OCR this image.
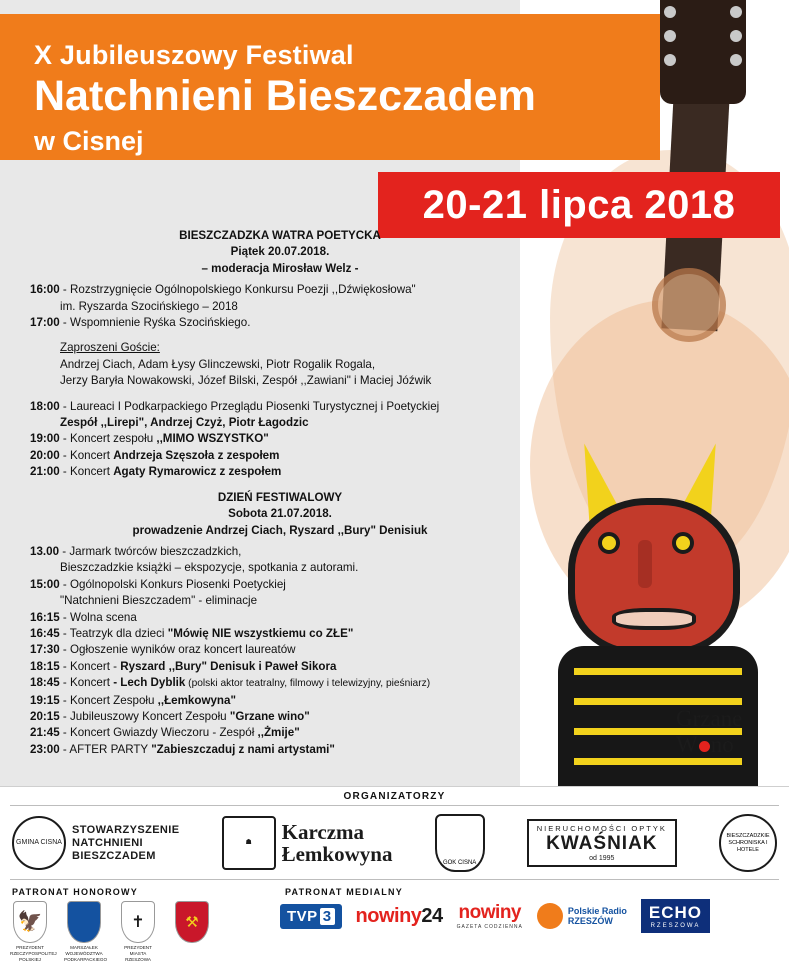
X Jubileuszowy Festiwal
Natchnieni Bieszczadem
w Cisnej
20-21 lipca 2018
Grzane
W no
BIESZCZADZKA WATRA POETYCKA
Piątek 20.07.2018.
– moderacja Mirosław Welz -
16:00 - Rozstrzygnięcie Ogólnopolskiego Konkursu Poezji ,,Dźwiękosłowa"
im. Ryszarda Szocińskiego – 2018
17:00 - Wspomnienie Ryśka Szocińskiego.
Zaproszeni Goście:
Andrzej Ciach, Adam Łysy Glinczewski, Piotr Rogalik Rogala,
Jerzy Baryła Nowakowski, Józef Bilski, Zespół ,,Zawiani" i Maciej Jóźwik
18:00 - Laureaci I Podkarpackiego Przeglądu Piosenki Turystycznej i Poetyckiej
Zespół ,,Lirepi", Andrzej Czyż, Piotr Łagodzic
19:00 - Koncert zespołu ,,MIMO WSZYSTKO"
20:00 - Koncert Andrzeja Szęszoła z zespołem
21:00 - Koncert Agaty Rymarowicz z zespołem
DZIEŃ FESTIWALOWY
Sobota 21.07.2018.
prowadzenie Andrzej Ciach, Ryszard ,,Bury" Denisiuk
13.00 - Jarmark twórców bieszczadzkich,
Bieszczadzkie książki – ekspozycje, spotkania z autorami.
15:00 - Ogólnopolski Konkurs Piosenki Poetyckiej
"Natchnieni Bieszczadem" - eliminacje
16:15 - Wolna scena
16:45 - Teatrzyk dla dzieci "Mówię NIE wszystkiemu co ZŁE"
17:30 - Ogłoszenie wyników oraz koncert laureatów
18:15 - Koncert - Ryszard ,,Bury" Denisuk i Paweł Sikora
18:45 - Koncert - Lech Dyblik (polski aktor teatralny, filmowy i telewizyjny, pieśniarz)
19:15 - Koncert Zespołu ,,Łemkowyna"
20:15 - Jubileuszowy Koncert Zespołu "Grzane wino"
21:45 - Koncert Gwiazdy Wieczoru - Zespół ,,Żmije"
23:00 - AFTER PARTY "Zabieszczaduj z nami artystami"
ORGANIZATORZY
GMINA CISNA
STOWARZYSZENIE
NATCHNIENI
BIESZCZADEM
☗	Karczma
Łemkowyna	GOK CISNA
NIERUCHOMOŚCI OPTYK
KWAŚNIAK
od 1995
BIESZCZADZKIE SCHRONISKA I HOTELE
PATRONAT HONOROWY	PATRONAT MEDIALNY
🦅
PREZYDENT
RZECZYPOSPOLITEJ POLSKIEJ
MARSZAŁEK
WOJEWÓDZTWA
PODKARPACKIEGO
✝
PREZYDENT
MIASTA RZESZOWA
⚒	TVP 3	nowiny24 nowiny
GAZETA CODZIENNA
Polskie Radio
RZESZÓW	ECHO
RZESZOWA
